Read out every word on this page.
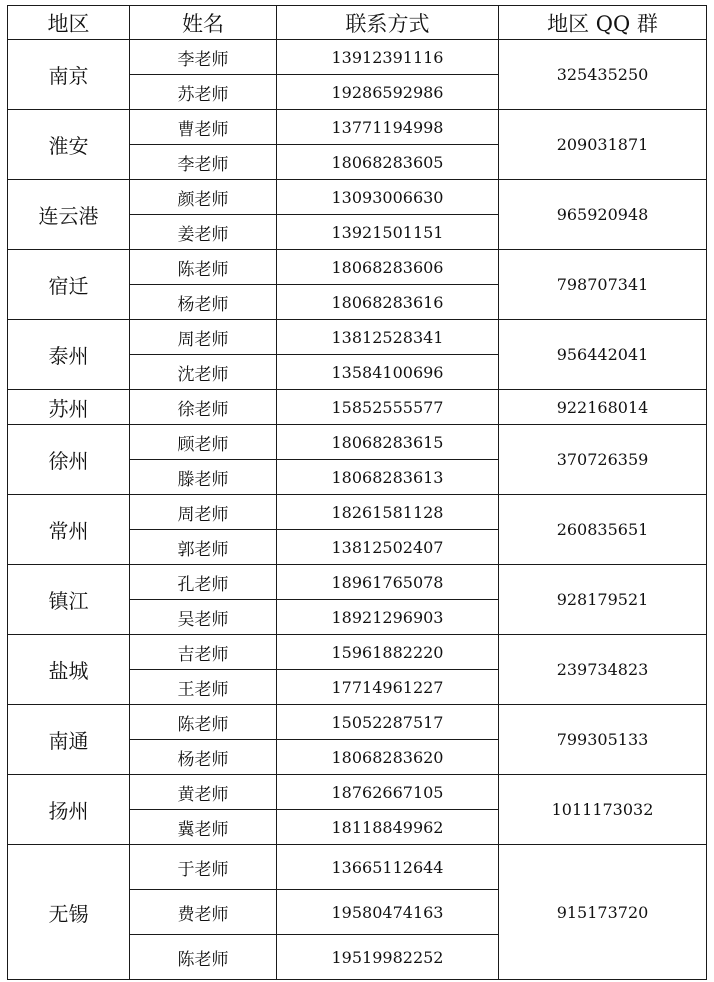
地区	姓名	联系方式	地区 QQ 群
南京	李老师	13912391116	325435250
	苏老师	19286592986	
淮安	曹老师	13771194998	209031871
	李老师	18068283605	
连云港	颜老师	13093006630	965920948
	姜老师	13921501151	
宿迁	陈老师	18068283606	798707341
	杨老师	18068283616	
泰州	周老师	13812528341	956442041
	沈老师	13584100696	
苏州	徐老师	15852555577	922168014
徐州	顾老师	18068283615	370726359
	滕老师	18068283613	
常州	周老师	18261581128	260835651
	郭老师	13812502407	
镇江	孔老师	18961765078	928179521
	吴老师	18921296903	
盐城	吉老师	15961882220	239734823
	王老师	17714961227	
南通	陈老师	15052287517	799305133
	杨老师	18068283620	
扬州	黄老师	18762667105	1011173032
	冀老师	18118849962	
无锡	于老师	13665112644	915173720
	费老师	19580474163	
	陈老师	19519982252	
